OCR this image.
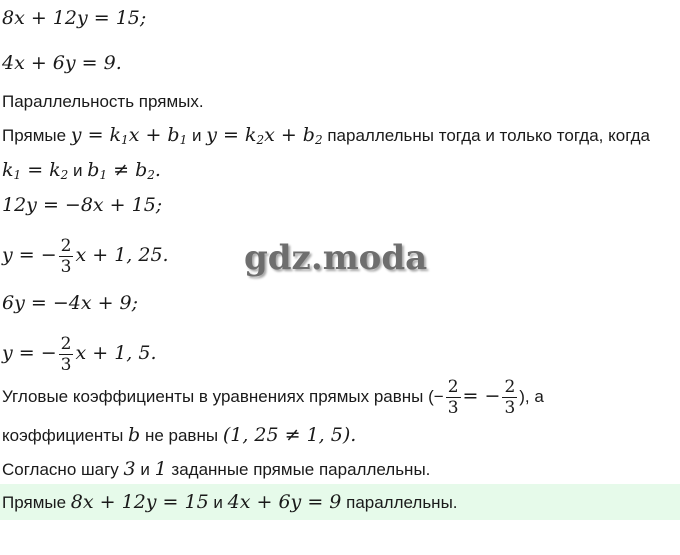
8x + 12y = 15;
4x + 6y = 9.
Параллельность прямых.
Прямые $y = k_1x + b_1$ и $y = k_2x + b_2$ параллельны тогда и только тогда, когда
$k_1 = k_2$ и $b_1 \ne b_2$.
12y = −8x + 15;
y = − $\frac{2}{3}$ x + 1, 25.
6y = −4x + 9;
y = − $\frac{2}{3}$ x + 1, 5.
Угловые коэффициенты в уравнениях прямых равны (− $\frac{2}{3}$ = − $\frac{2}{3}$ ), а
коэффициенты b не равны (1, 25 ≠ 1, 5).
Согласно шагу 3 и 1 заданные прямые параллельны.
Прямые 8x + 12y = 15 и 4x + 6y = 9 параллельны.
gdz.moda
